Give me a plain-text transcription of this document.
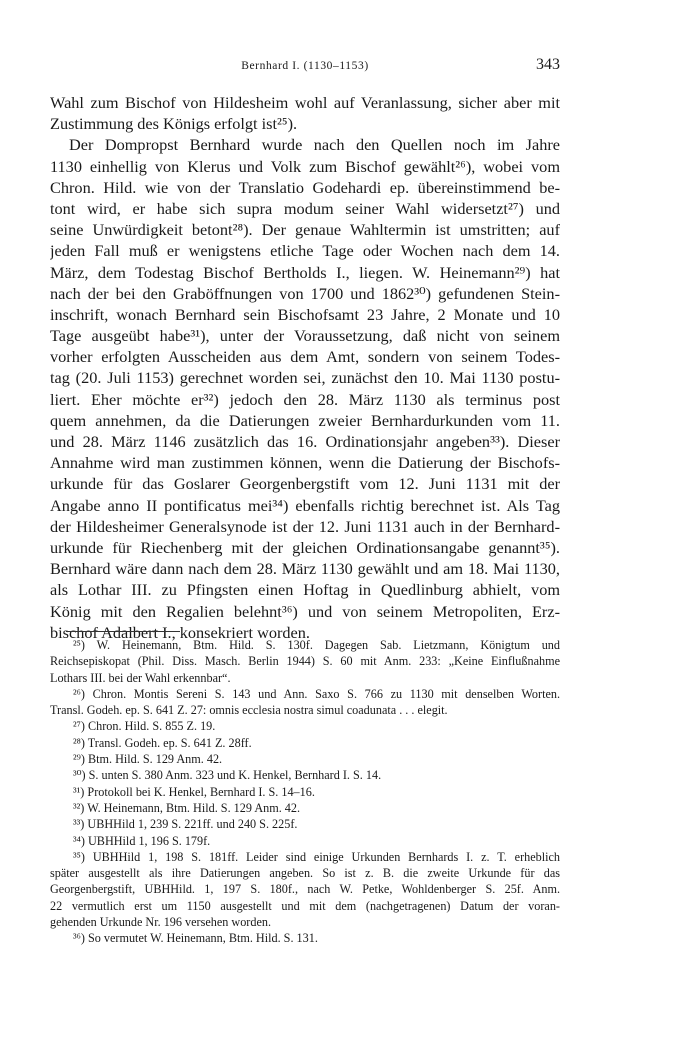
Bernhard I. (1130–1153)	343
Wahl zum Bischof von Hildesheim wohl auf Veranlassung, sicher aber mit
Zustimmung des Königs erfolgt ist²⁵).
Der Dompropst Bernhard wurde nach den Quellen noch im Jahre
1130 einhellig von Klerus und Volk zum Bischof gewählt²⁶), wobei vom
Chron. Hild. wie von der Translatio Godehardi ep. übereinstimmend be-
tont wird, er habe sich supra modum seiner Wahl widersetzt²⁷) und
seine Unwürdigkeit betont²⁸). Der genaue Wahltermin ist umstritten; auf
jeden Fall muß er wenigstens etliche Tage oder Wochen nach dem 14.
März, dem Todestag Bischof Bertholds I., liegen. W. Heinemann²⁹) hat
nach der bei den Graböffnungen von 1700 und 1862³⁰) gefundenen Stein-
inschrift, wonach Bernhard sein Bischofsamt 23 Jahre, 2 Monate und 10
Tage ausgeübt habe³¹), unter der Voraussetzung, daß nicht von seinem
vorher erfolgten Ausscheiden aus dem Amt, sondern von seinem Todes-
tag (20. Juli 1153) gerechnet worden sei, zunächst den 10. Mai 1130 postu-
liert. Eher möchte er³²) jedoch den 28. März 1130 als terminus post
quem annehmen, da die Datierungen zweier Bernhardurkunden vom 11.
und 28. März 1146 zusätzlich das 16. Ordinationsjahr angeben³³). Dieser
Annahme wird man zustimmen können, wenn die Datierung der Bischofs-
urkunde für das Goslarer Georgenbergstift vom 12. Juni 1131 mit der
Angabe anno II pontificatus mei³⁴) ebenfalls richtig berechnet ist. Als Tag
der Hildesheimer Generalsynode ist der 12. Juni 1131 auch in der Bernhard-
urkunde für Riechenberg mit der gleichen Ordinationsangabe genannt³⁵).
Bernhard wäre dann nach dem 28. März 1130 gewählt und am 18. Mai 1130,
als Lothar III. zu Pfingsten einen Hoftag in Quedlinburg abhielt, vom
König mit den Regalien belehnt³⁶) und von seinem Metropoliten, Erz-
bischof Adalbert I., konsekriert worden.
²⁵) W. Heinemann, Btm. Hild. S. 130f. Dagegen Sab. Lietzmann, Königtum und
Reichsepiskopat (Phil. Diss. Masch. Berlin 1944) S. 60 mit Anm. 233: „Keine Einflußnahme
Lothars III. bei der Wahl erkennbar“.
²⁶) Chron. Montis Sereni S. 143 und Ann. Saxo S. 766 zu 1130 mit denselben Worten.
Transl. Godeh. ep. S. 641 Z. 27: omnis ecclesia nostra simul coadunata . . . elegit.
²⁷) Chron. Hild. S. 855 Z. 19.
²⁸) Transl. Godeh. ep. S. 641 Z. 28ff.
²⁹) Btm. Hild. S. 129 Anm. 42.
³⁰) S. unten S. 380 Anm. 323 und K. Henkel, Bernhard I. S. 14.
³¹) Protokoll bei K. Henkel, Bernhard I. S. 14–16.
³²) W. Heinemann, Btm. Hild. S. 129 Anm. 42.
³³) UBHHild 1, 239 S. 221ff. und 240 S. 225f.
³⁴) UBHHild 1, 196 S. 179f.
³⁵) UBHHild 1, 198 S. 181ff. Leider sind einige Urkunden Bernhards I. z. T. erheblich
später ausgestellt als ihre Datierungen angeben. So ist z. B. die zweite Urkunde für das
Georgenbergstift, UBHHild. 1, 197 S. 180f., nach W. Petke, Wohldenberger S. 25f. Anm.
22 vermutlich erst um 1150 ausgestellt und mit dem (nachgetragenen) Datum der voran-
gehenden Urkunde Nr. 196 versehen worden.
³⁶) So vermutet W. Heinemann, Btm. Hild. S. 131.
